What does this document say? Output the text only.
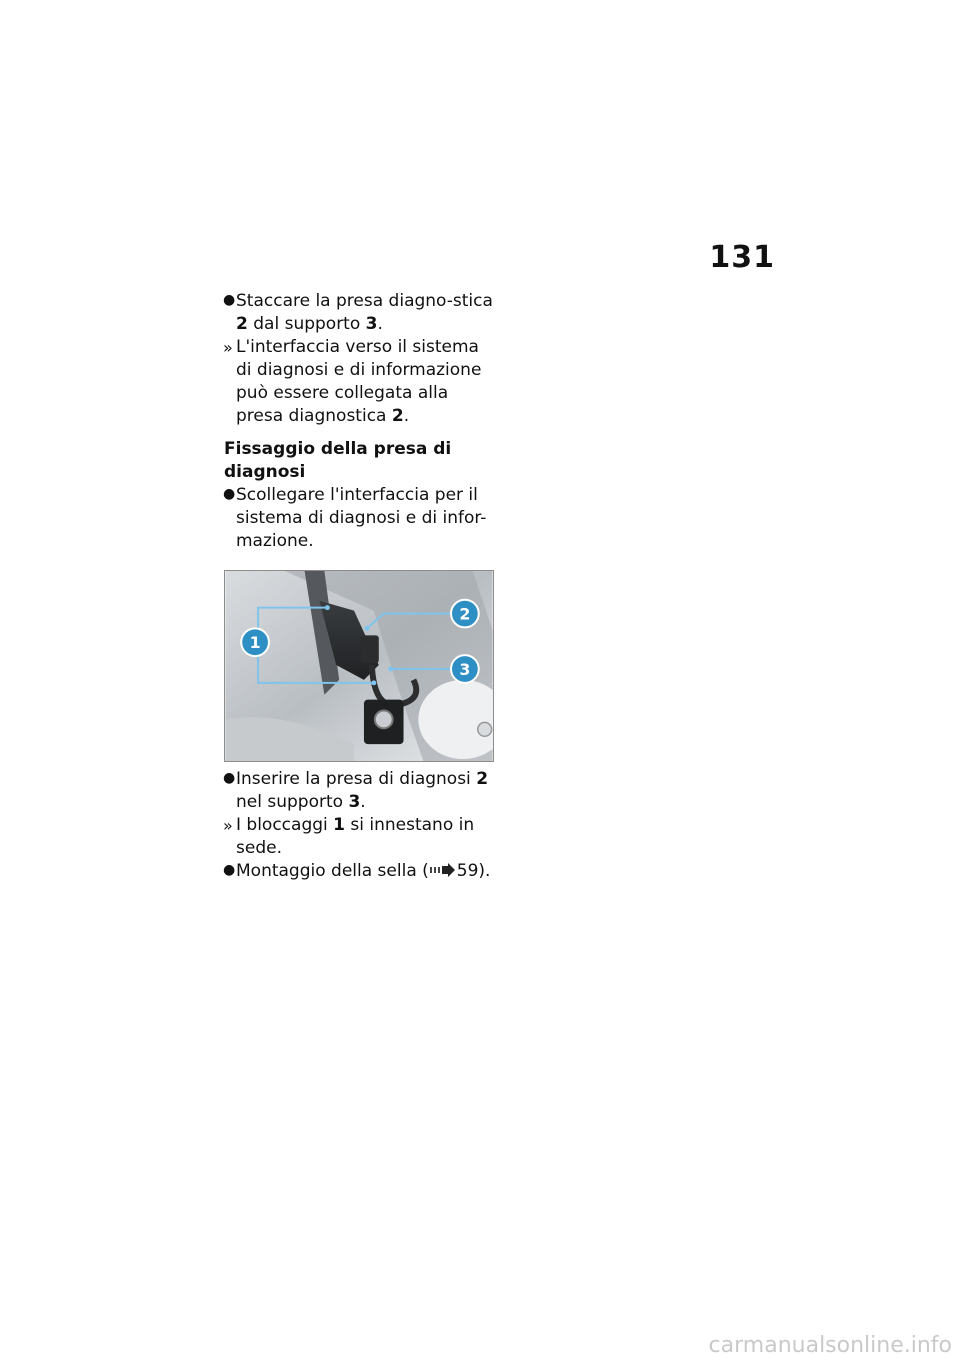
131

● Staccare la presa diagno-stica 2 dal supporto 3.
» L'interfaccia verso il sistema di diagnosi e di informazione può essere collegata alla presa diagnostica 2.

Fissaggio della presa di diagnosi

● Scollegare l'interfaccia per il sistema di diagnosi e di infor-mazione.
1
2
3
● Inserire la presa di diagnosi 2 nel supporto 3.
» I bloccaggi 1 si innestano in sede.
● Montaggio della sella ( 59).

carmanualsonline.info
